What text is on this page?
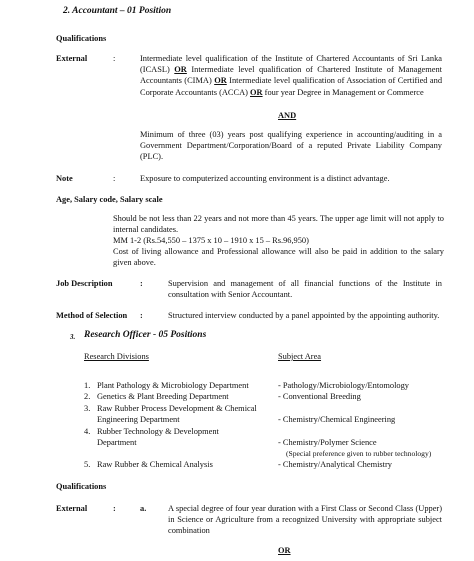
2. Accountant – 01 Position
Qualifications
External	:	Intermediate level qualification of the Institute of Chartered Accountants of Sri Lanka (ICASL) OR Intermediate level qualification of Chartered Institute of Management Accountants (CIMA) OR Intermediate level qualification of Association of Certified and Corporate Accountants (ACCA) OR four year Degree in Management or Commerce
AND
Minimum of three (03) years post qualifying experience in accounting/auditing in a Government Department/Corporation/Board of a reputed Private Liability Company (PLC).
Note	:	Exposure to computerized accounting environment is a distinct advantage.
Age, Salary code, Salary scale
Should be not less than 22 years and not more than 45 years. The upper age limit will not apply to internal candidates.
MM 1-2 (Rs.54,550 – 1375 x 10 – 1910 x 15 – Rs.96,950)
Cost of living allowance and Professional allowance will also be paid in addition to the salary given above.
Job Description	:	Supervision and management of all financial functions of the Institute in consultation with Senior Accountant.
Method of Selection :	Structured interview conducted by a panel appointed by the appointing authority.
3. Research Officer - 05 Positions
Research Divisions	Subject Area
1. Plant Pathology & Microbiology Department	- Pathology/Microbiology/Entomology
2. Genetics & Plant Breeding Department	- Conventional Breeding
3. Raw Rubber Process Development & Chemical
Engineering Department	- Chemistry/Chemical Engineering
4. Rubber Technology & Development
Department	- Chemistry/Polymer Science
(Special preference given to rubber technology)
5. Raw Rubber & Chemical Analysis	- Chemistry/Analytical Chemistry
Qualifications
External	:	a.	A special degree of four year duration with a First Class or Second Class (Upper) in Science or Agriculture from a recognized University with appropriate subject combination
OR
